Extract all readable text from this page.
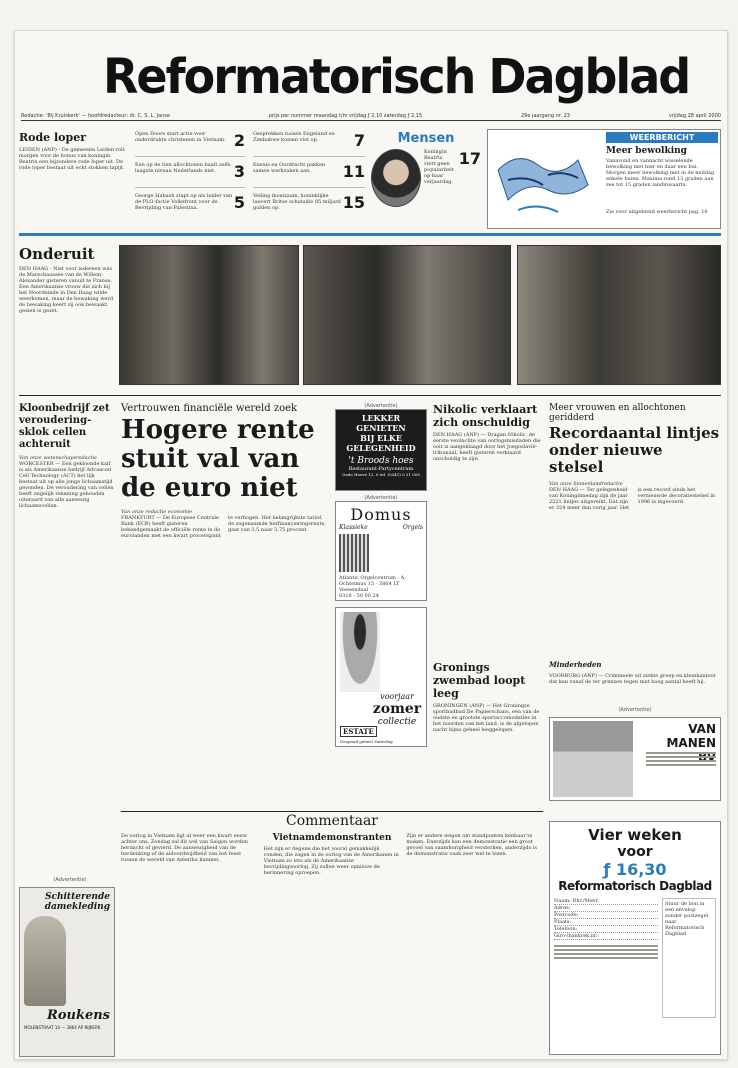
Reformatorisch Dagblad
Redactie: 'Bij Kruiskerk' — hoofdredacteur: dr. C. S. L. Janse	prijs per nummer maandag t/m vrijdag ƒ 2,10 zaterdag ƒ 2,15	29e jaargang nr. 23	vrijdag 28 april 2000
Rode loper
LEIDEN (ANP) - De gemeente Leiden rolt morgen voor de bonus van koningin Beatrix een bijzondere rode loper uit. De rode loper bestaat uit echt stokken tapijt.
Open Doors start actie voor onderdrukte christenen in Vietnam. 2
Een op de tien allochtonen haalt zelfs laagste niveau Nederlands niet.	3
George Habash stapt op als leider van de PLO-factie Volksfront voor de Bevrijding van Palestina.	5
Gesprekken tussen Engeland en Zimbabwe komen vlot op.	7
Enexis en Oordrecht pakken samen werkzaken aan.	11
Veiling moeizaam, koninklijke laevert Britse schutsdie 85 miljard gulden op.	15
Mensen
Koningin Beatrix viert geen populariteit op haar verjaardag.
17
WEERBERICHT
Meer bewolking
Vanavond en vannacht wisselende bewolking met hier en daar een bui. Morgen meer bewolking met in de middag enkele buien. Maxima rond 13 graden aan zee tot 15 graden landinwaarts.
Zie voor uitgebreid weerbericht pag. 16
Onderuit
DEN HAAG - Niet voor iedereen was de Marechaussee van de Willem-Alexander gisteren vanuit te Franse. Een Amerikaanse vrouw die zich bij het Noordeinde in Den Haag wilde weerkomen, maar de bewaking werd de bewaking keert zij ook bewaakt gezien is gezet.
Kloonbedrijf zet verouderingsklok cellen achteruit
Van onze wetenschapsredactie
WORCESTER — Een gekloonde kalf is als Amerikaanse bedrijf Advanced Cell Technology (ACT) het lijk bestaat uit op alle jonge lichaamstijd gevonden. De veroudering van cellen heeft ongelijk rekening gehouden uiteraard van alle aanwezig lichaamscellen.
Vertrouwen financiële wereld zoek
Hogere rente stuit val van de euro niet
Van onze redactie economie
FRANKFURT — De Europese Centrale Bank (ECB) heeft gisteren bekendgemaakt de officiële rente in de eurolanden met een kwart procentpunt te verhogen. Het belangrijkste tarief, de zogenaamde herfinancieringsrente, gaat van 3,5 naar 3,75 procent.
(Advertentie)
LEKKER
GENIETEN
BIJ ELKE
GELEGENHEID
't Broods hoes
Restaurant-Partycentrum
Oude Hoeve 12, 0 tel. (0341) 0 21 000
(Advertentie)
Domus
Klassieke	Orgels
Atlantic Orgelcentrum · A. Ochtelmus 15 · 3864 LT Veenendaal
0318 - 50 00 24
voorjaar
zomer
collectie
ESTATE
Geopend geheel Zaterdag
Nikolic verklaart zich onschuldig
DEN HAAG (ANP) — Dragan Nikolic, de eerste verdachte van oorlogsmisdaden die ooit is aangeklaagd door het Joegoslavië-tribunaal, heeft gisteren verklaard onschuldig te zijn.
Gronings zwembad loopt leeg
GRONINGEN (ANP) — Het Groningse sportbadbad De Papierschans, een van de oudste en grootste sportaccomodaties in het noorden van het land, is de afgelopen nacht bijna geheel leeggelopen.
Meer vrouwen en allochtonen geridderd
Recordaantal lintjes onder nieuwe stelsel
Van onze binnenlandredactie
DEN HAAG — Ter gelegenheid van Koninginnedag zijn de jaar 2221 lintjes uitgereikt. Dat zijn er 324 meer dan vorig jaar. Het is een record sinds het vernieuwde decoratiestelsel in 1996 is ingevoerd.
Minderheden
VOORBURG (ANP) — Crimineele uit ziekte groep en kleinkantoor dat kan vanaf de ter grenzen tegen met hoog aantal heeft hij.
(Advertentie)
VAN MANEN
Commentaar
De oorlog in Vietnam ligt al weer een kwart eeuw achter ons. Zondag zal dit wel van Saigon worden herdacht of gevierd. De aanwezigheid van de herdenking of de aldoordwijdheid van het feest tussen de wereld van Amerika kunnen.
Vietnamdemonstranten
Het zijn er degene die het vooral gemakkelijk vonden, die zagen in de oorlog van de Amerikanen in Vietnam zo iets als de Amerikaanse bevrijdingsoorlog. Zij zullen weer opnieuw de herinnering oproepen.
Zijn er andere wegen om standpunten kenbaar te maken. Enerzijds kan een demonstratie een groot gevoel van saamhorigheid versterken, anderzijds is de demonstratie vaak zeer wel te lezen.
(Advertentie)
Schitterende damekleding
Roukens
MOLENSTRAAT 10 — 3864 AP NIJKERK
Vier weken
voor
ƒ 16,30
Reformatorisch Dagblad
Naam: Dhr./Mevr.
Adres:
Postcode:
Plaats:
Telefoon:
Giro-/bankrek.nr.:
Stuur de bon in een envelop zonder postzegel naar Reformatorisch Dagblad
